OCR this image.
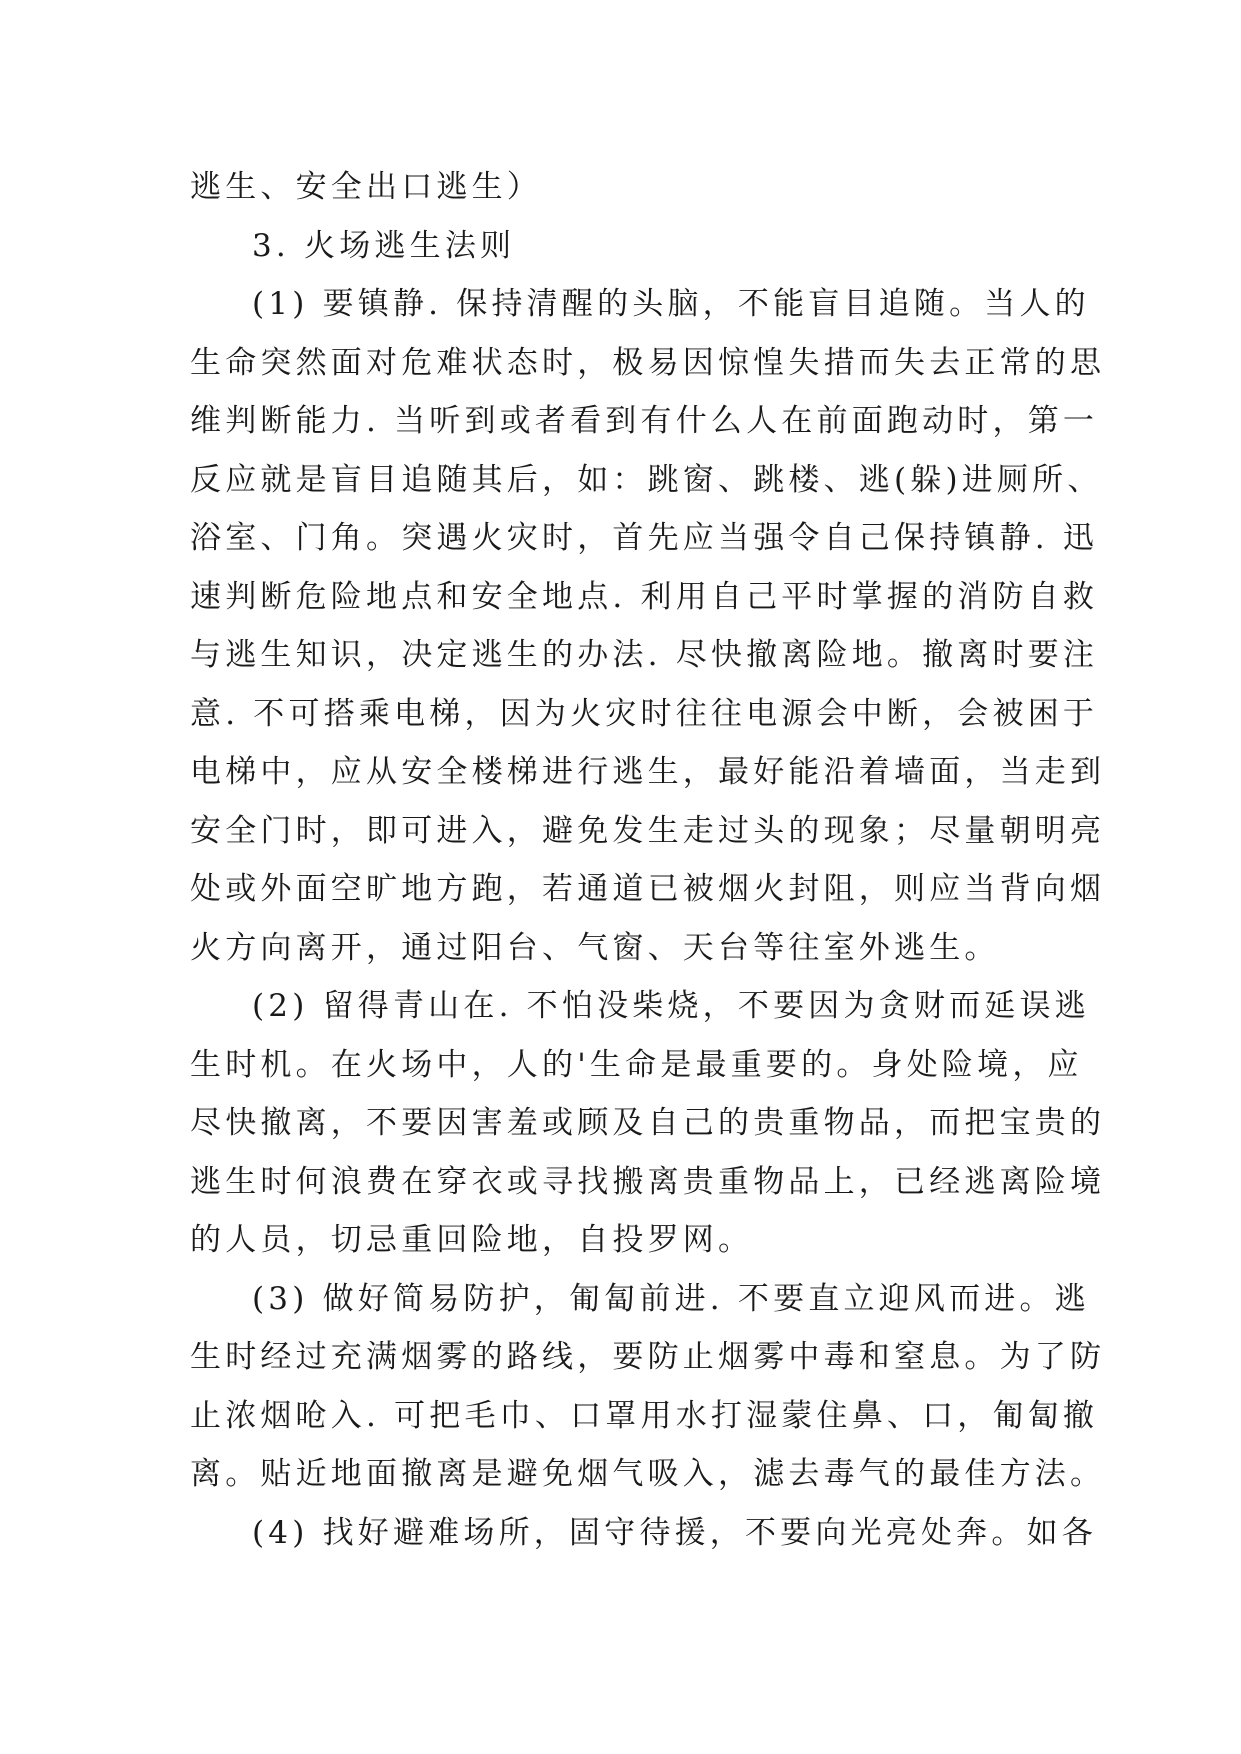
逃生、安全出口逃生）
3. 火场逃生法则
(1) 要镇静. 保持清醒的头脑，不能盲目追随。当人的
生命突然面对危难状态时，极易因惊惶失措而失去正常的思
维判断能力. 当听到或者看到有什么人在前面跑动时，第一
反应就是盲目追随其后，如：跳窗、跳楼、逃(躲)进厕所、
浴室、门角。突遇火灾时，首先应当强令自己保持镇静. 迅
速判断危险地点和安全地点. 利用自己平时掌握的消防自救
与逃生知识，决定逃生的办法. 尽快撤离险地。撤离时要注
意. 不可搭乘电梯，因为火灾时往往电源会中断，会被困于
电梯中，应从安全楼梯进行逃生，最好能沿着墙面，当走到
安全门时，即可进入，避免发生走过头的现象；尽量朝明亮
处或外面空旷地方跑，若通道已被烟火封阻，则应当背向烟
火方向离开，通过阳台、气窗、天台等往室外逃生。
(2) 留得青山在. 不怕没柴烧，不要因为贪财而延误逃
生时机。在火场中，人的'生命是最重要的。身处险境，应
尽快撤离，不要因害羞或顾及自己的贵重物品，而把宝贵的
逃生时何浪费在穿衣或寻找搬离贵重物品上，已经逃离险境
的人员，切忌重回险地，自投罗网。
(3) 做好简易防护，匍匐前进. 不要直立迎风而进。逃
生时经过充满烟雾的路线，要防止烟雾中毒和窒息。为了防
止浓烟呛入. 可把毛巾、口罩用水打湿蒙住鼻、口，匍匐撤
离。贴近地面撤离是避免烟气吸入，滤去毒气的最佳方法。
(4) 找好避难场所，固守待援，不要向光亮处奔。如各
